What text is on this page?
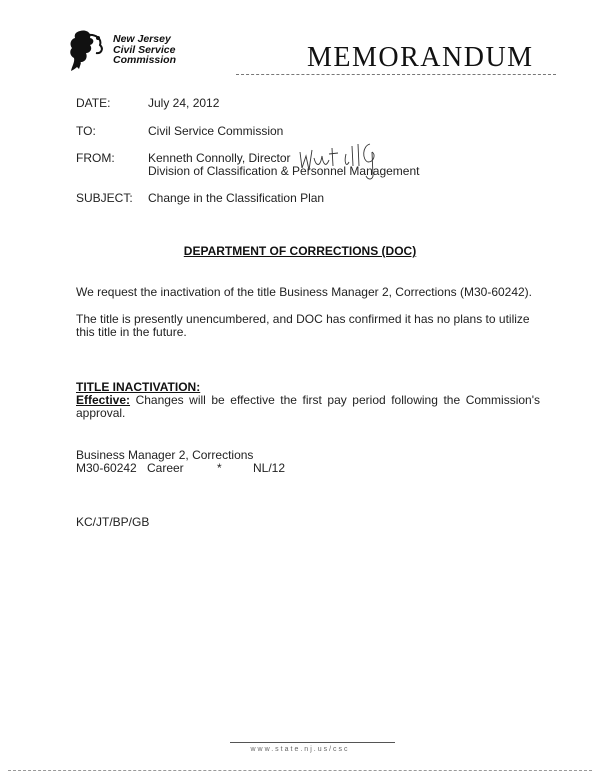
New Jersey
Civil Service
Commission	MEMORANDUM
DATE:	July 24, 2012
TO:	Civil Service Commission
FROM:	Kenneth Connolly, Director
Division of Classification & Personnel Management
SUBJECT: Change in the Classification Plan
DEPARTMENT OF CORRECTIONS (DOC)
We request the inactivation of the title Business Manager 2, Corrections (M30-60242).
The title is presently unencumbered, and DOC has confirmed it has no plans to utilize this title in the future.
TITLE INACTIVATION:
Effective: Changes will be effective the first pay period following the Commission's approval.
Business Manager 2, Corrections
M30-60242 Career	*	NL/12
KC/JT/BP/GB
www.state.nj.us/csc
